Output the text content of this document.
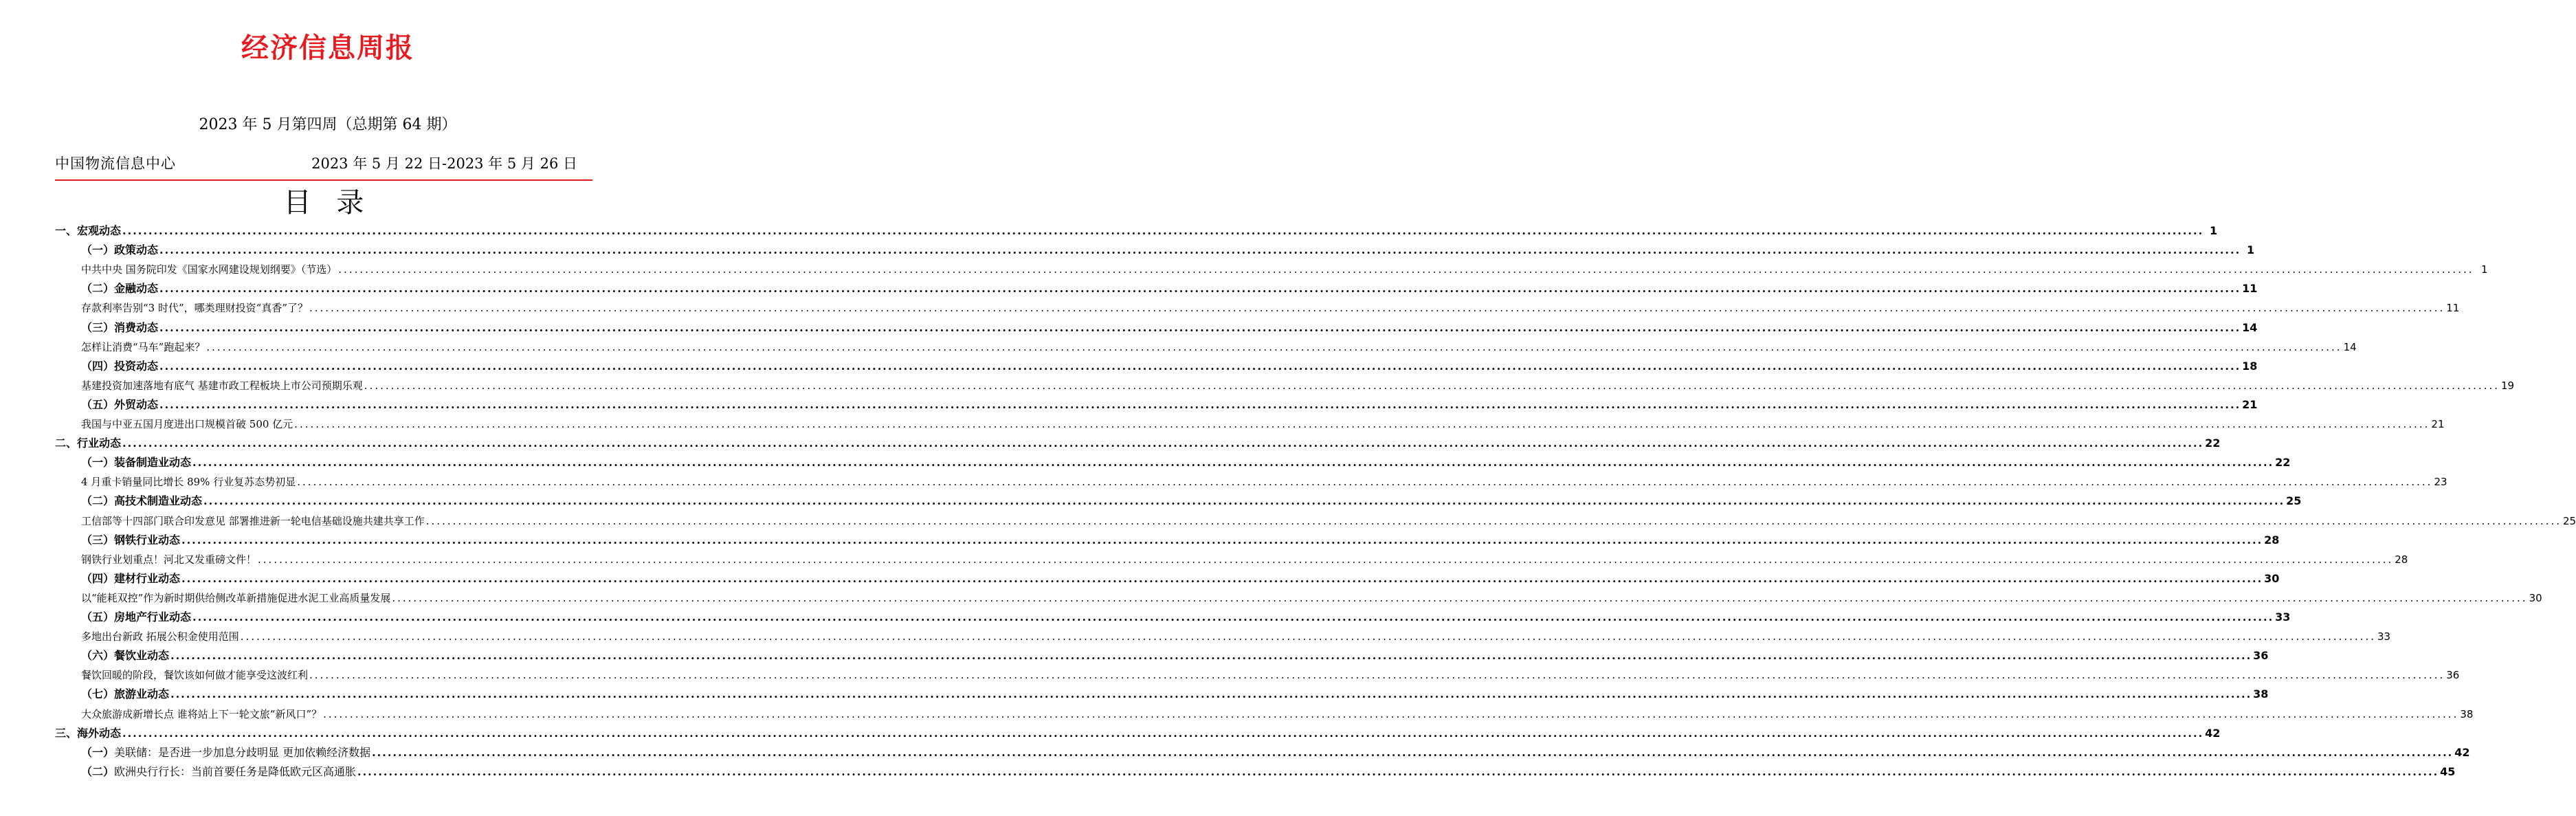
经济信息周报
2023 年 5 月第四周（总期第 64 期）
中国物流信息中心	2023 年 5 月 22 日-2023 年 5 月 26 日
目 录
一、宏观动态 ................................................................................................................................................................................................................................................................................................................................................................................................................ 1
（一）政策动态 ................................................................................................................................................................................................................................................................................................................................................................................................................ 1
中共中央 国务院印发《国家水网建设规划纲要》（节选） ................................................................................................................................................................................................................................................................................................................................................................................................................ 1
（二）金融动态 ................................................................................................................................................................................................................................................................................................................................................................................................................ 11
存款利率告别“3 时代”，哪类理财投资“真香”了？ ................................................................................................................................................................................................................................................................................................................................................................................................................ 11
（三）消费动态 ................................................................................................................................................................................................................................................................................................................................................................................................................ 14
怎样让消费“马车”跑起来？ ................................................................................................................................................................................................................................................................................................................................................................................................................ 14
（四）投资动态 ................................................................................................................................................................................................................................................................................................................................................................................................................ 18
基建投资加速落地有底气 基建市政工程板块上市公司预期乐观 ................................................................................................................................................................................................................................................................................................................................................................................................................ 19
（五）外贸动态 ................................................................................................................................................................................................................................................................................................................................................................................................................ 21
我国与中亚五国月度进出口规模首破 500 亿元 ................................................................................................................................................................................................................................................................................................................................................................................................................ 21
二、行业动态 ................................................................................................................................................................................................................................................................................................................................................................................................................ 22
（一）装备制造业动态 ................................................................................................................................................................................................................................................................................................................................................................................................................ 22
4 月重卡销量同比增长 89% 行业复苏态势初显 ................................................................................................................................................................................................................................................................................................................................................................................................................ 23
（二）高技术制造业动态 ................................................................................................................................................................................................................................................................................................................................................................................................................ 25
工信部等十四部门联合印发意见 部署推进新一轮电信基础设施共建共享工作 ................................................................................................................................................................................................................................................................................................................................................................................................................ 25
（三）钢铁行业动态 ................................................................................................................................................................................................................................................................................................................................................................................................................ 28
钢铁行业划重点！河北又发重磅文件！ ................................................................................................................................................................................................................................................................................................................................................................................................................ 28
（四）建材行业动态 ................................................................................................................................................................................................................................................................................................................................................................................................................ 30
以“能耗双控”作为新时期供给侧改革新措施促进水泥工业高质量发展 ................................................................................................................................................................................................................................................................................................................................................................................................................ 30
（五）房地产行业动态 ................................................................................................................................................................................................................................................................................................................................................................................................................ 33
多地出台新政 拓展公积金使用范围 ................................................................................................................................................................................................................................................................................................................................................................................................................ 33
（六）餐饮业动态 ................................................................................................................................................................................................................................................................................................................................................................................................................ 36
餐饮回暖的阶段，餐饮该如何做才能享受这波红利 ................................................................................................................................................................................................................................................................................................................................................................................................................ 36
（七）旅游业动态 ................................................................................................................................................................................................................................................................................................................................................................................................................ 38
大众旅游成新增长点 谁将站上下一轮文旅“新风口”？ ................................................................................................................................................................................................................................................................................................................................................................................................................ 38
三、海外动态 ................................................................................................................................................................................................................................................................................................................................................................................................................ 42
（一）美联储：是否进一步加息分歧明显 更加依赖经济数据 ................................................................................................................................................................................................................................................................................................................................................................................................................ 42
（二）欧洲央行行长：当前首要任务是降低欧元区高通胀 ................................................................................................................................................................................................................................................................................................................................................................................................................ 45
